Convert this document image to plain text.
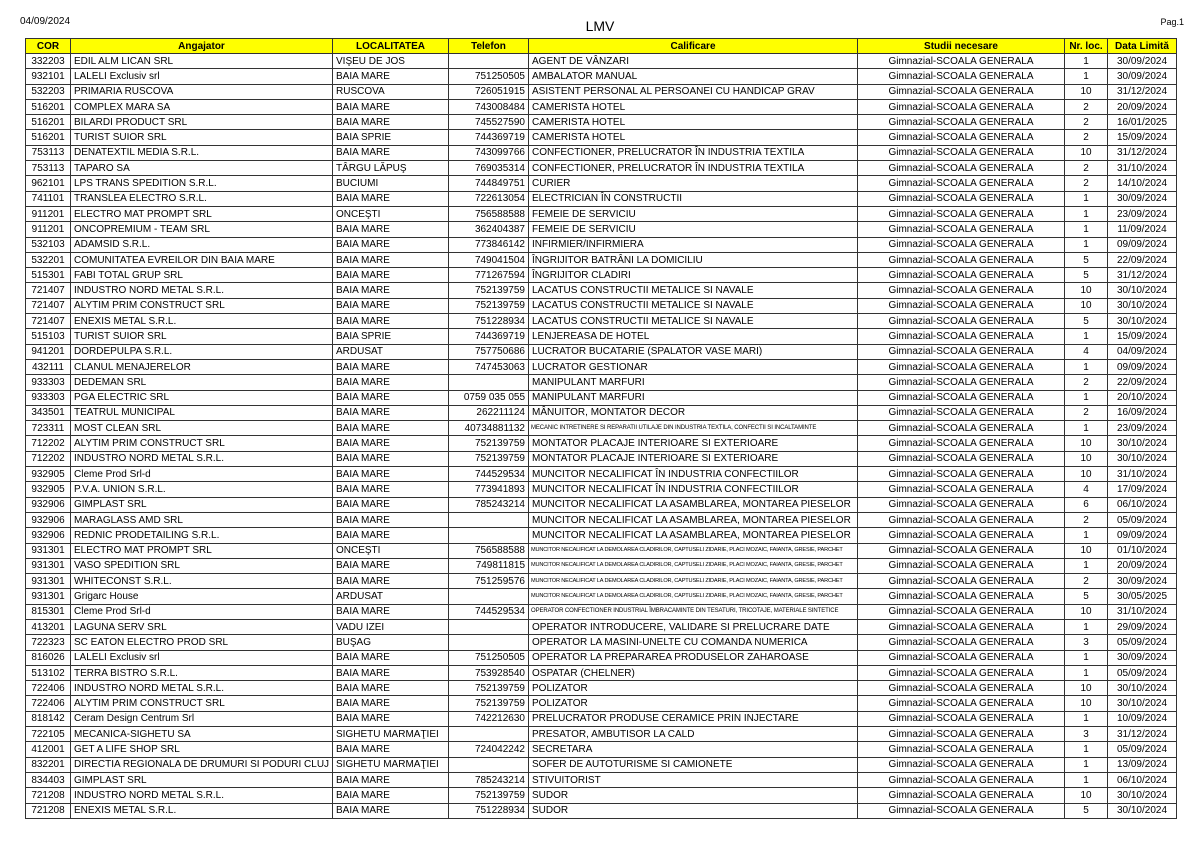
04/09/2024	LMV	Pag.1
COR	Angajator	LOCALITATEA	Telefon	Calificare	Studii necesare	Nr. loc.	Data Limită
332203	EDIL ALM LICAN SRL	VIŞEU DE JOS		AGENT DE VÂNZARI	Gimnazial-SCOALA GENERALA	1	30/09/2024
932101	LALELI Exclusiv srl	BAIA MARE	751250505	AMBALATOR MANUAL	Gimnazial-SCOALA GENERALA	1	30/09/2024
532203	PRIMARIA RUSCOVA	RUSCOVA	726051915	ASISTENT PERSONAL AL PERSOANEI CU HANDICAP GRAV	Gimnazial-SCOALA GENERALA	10	31/12/2024
516201	COMPLEX MARA SA	BAIA MARE	743008484	CAMERISTA HOTEL	Gimnazial-SCOALA GENERALA	2	20/09/2024
516201	BILARDI PRODUCT SRL	BAIA MARE	745527590	CAMERISTA HOTEL	Gimnazial-SCOALA GENERALA	2	16/01/2025
516201	TURIST SUIOR SRL	BAIA SPRIE	744369719	CAMERISTA HOTEL	Gimnazial-SCOALA GENERALA	2	15/09/2024
753113	DENATEXTIL MEDIA S.R.L.	BAIA MARE	743099766	CONFECTIONER, PRELUCRATOR ÎN INDUSTRIA TEXTILA	Gimnazial-SCOALA GENERALA	10	31/12/2024
753113	TAPARO SA	TÂRGU LĂPUŞ	769035314	CONFECTIONER, PRELUCRATOR ÎN INDUSTRIA TEXTILA	Gimnazial-SCOALA GENERALA	2	31/10/2024
962101	LPS TRANS SPEDITION S.R.L.	BUCIUMI	744849751	CURIER	Gimnazial-SCOALA GENERALA	2	14/10/2024
741101	TRANSLEA ELECTRO S.R.L.	BAIA MARE	722613054	ELECTRICIAN ÎN CONSTRUCTII	Gimnazial-SCOALA GENERALA	1	30/09/2024
911201	ELECTRO MAT PROMPT SRL	ONCEŞTI	756588588	FEMEIE DE SERVICIU	Gimnazial-SCOALA GENERALA	1	23/09/2024
911201	ONCOPREMIUM - TEAM SRL	BAIA MARE	362404387	FEMEIE DE SERVICIU	Gimnazial-SCOALA GENERALA	1	11/09/2024
532103	ADAMSID S.R.L.	BAIA MARE	773846142	INFIRMIER/INFIRMIERA	Gimnazial-SCOALA GENERALA	1	09/09/2024
532201	COMUNITATEA EVREILOR DIN BAIA MARE	BAIA MARE	749041504	ÎNGRIJITOR BATRÂNI LA DOMICILIU	Gimnazial-SCOALA GENERALA	5	22/09/2024
515301	FABI TOTAL GRUP SRL	BAIA MARE	771267594	ÎNGRIJITOR CLADIRI	Gimnazial-SCOALA GENERALA	5	31/12/2024
721407	INDUSTRO NORD METAL S.R.L.	BAIA MARE	752139759	LACATUS CONSTRUCTII METALICE SI NAVALE	Gimnazial-SCOALA GENERALA	10	30/10/2024
721407	ALYTIM PRIM CONSTRUCT SRL	BAIA MARE	752139759	LACATUS CONSTRUCTII METALICE SI NAVALE	Gimnazial-SCOALA GENERALA	10	30/10/2024
721407	ENEXIS METAL S.R.L.	BAIA MARE	751228934	LACATUS CONSTRUCTII METALICE SI NAVALE	Gimnazial-SCOALA GENERALA	5	30/10/2024
515103	TURIST SUIOR SRL	BAIA SPRIE	744369719	LENJEREASA DE HOTEL	Gimnazial-SCOALA GENERALA	1	15/09/2024
941201	DORDEPULPA S.R.L.	ARDUSAT	757750686	LUCRATOR BUCATARIE (SPALATOR VASE MARI)	Gimnazial-SCOALA GENERALA	4	04/09/2024
432111	CLANUL MENAJERELOR	BAIA MARE	747453063	LUCRATOR GESTIONAR	Gimnazial-SCOALA GENERALA	1	09/09/2024
933303	DEDEMAN SRL	BAIA MARE		MANIPULANT MARFURI	Gimnazial-SCOALA GENERALA	2	22/09/2024
933303	PGA ELECTRIC SRL	BAIA MARE	0759 035 055	MANIPULANT MARFURI	Gimnazial-SCOALA GENERALA	1	20/10/2024
343501	TEATRUL MUNICIPAL	BAIA MARE	262211124	MÂNUITOR, MONTATOR DECOR	Gimnazial-SCOALA GENERALA	2	16/09/2024
723311	MOST CLEAN SRL	BAIA MARE	40734881132	MECANIC INTRETINERE SI REPARATII UTILAJE DIN INDUSTRIA TEXTILA, CONFECTII SI INCALTAMINTE	Gimnazial-SCOALA GENERALA	1	23/09/2024
712202	ALYTIM PRIM CONSTRUCT SRL	BAIA MARE	752139759	MONTATOR PLACAJE INTERIOARE SI EXTERIOARE	Gimnazial-SCOALA GENERALA	10	30/10/2024
712202	INDUSTRO NORD METAL S.R.L.	BAIA MARE	752139759	MONTATOR PLACAJE INTERIOARE SI EXTERIOARE	Gimnazial-SCOALA GENERALA	10	30/10/2024
932905	Cleme Prod Srl-d	BAIA MARE	744529534	MUNCITOR NECALIFICAT ÎN INDUSTRIA CONFECTIILOR	Gimnazial-SCOALA GENERALA	10	31/10/2024
932905	P.V.A. UNION S.R.L.	BAIA MARE	773941893	MUNCITOR NECALIFICAT ÎN INDUSTRIA CONFECTIILOR	Gimnazial-SCOALA GENERALA	4	17/09/2024
932906	GIMPLAST SRL	BAIA MARE	785243214	MUNCITOR NECALIFICAT LA ASAMBLAREA, MONTAREA PIESELOR	Gimnazial-SCOALA GENERALA	6	06/10/2024
932906	MARAGLASS AMD SRL	BAIA MARE		MUNCITOR NECALIFICAT LA ASAMBLAREA, MONTAREA PIESELOR	Gimnazial-SCOALA GENERALA	2	05/09/2024
932906	REDNIC PRODETAILING S.R.L.	BAIA MARE		MUNCITOR NECALIFICAT LA ASAMBLAREA, MONTAREA PIESELOR	Gimnazial-SCOALA GENERALA	1	09/09/2024
931301	ELECTRO MAT PROMPT SRL	ONCEŞTI	756588588	MUNCITOR NECALIFICAT LA DEMOLAREA CLADIRILOR, CAPTUSELI ZIDARIE, PLACI MOZAIC, FAIANTA, GRESIE, PARCHET	Gimnazial-SCOALA GENERALA	10	01/10/2024
931301	VASO SPEDITION SRL	BAIA MARE	749811815	MUNCITOR NECALIFICAT LA DEMOLAREA CLADIRILOR, CAPTUSELI ZIDARIE, PLACI MOZAIC, FAIANTA, GRESIE, PARCHET	Gimnazial-SCOALA GENERALA	1	20/09/2024
931301	WHITECONST S.R.L.	BAIA MARE	751259576	MUNCITOR NECALIFICAT LA DEMOLAREA CLADIRILOR, CAPTUSELI ZIDARIE, PLACI MOZAIC, FAIANTA, GRESIE, PARCHET	Gimnazial-SCOALA GENERALA	2	30/09/2024
931301	Grigarc House	ARDUSAT		MUNCITOR NECALIFICAT LA DEMOLAREA CLADIRILOR, CAPTUSELI ZIDARIE, PLACI MOZAIC, FAIANTA, GRESIE, PARCHET	Gimnazial-SCOALA GENERALA	5	30/05/2025
815301	Cleme Prod Srl-d	BAIA MARE	744529534	OPERATOR CONFECTIONER INDUSTRIAL ÎMBRACAMINTE DIN TESATURI, TRICOTAJE, MATERIALE SINTETICE	Gimnazial-SCOALA GENERALA	10	31/10/2024
413201	LAGUNA SERV SRL	VADU IZEI		OPERATOR INTRODUCERE, VALIDARE SI PRELUCRARE DATE	Gimnazial-SCOALA GENERALA	1	29/09/2024
722323	SC EATON ELECTRO PROD SRL	BUŞAG		OPERATOR LA MASINI-UNELTE CU COMANDA NUMERICA	Gimnazial-SCOALA GENERALA	3	05/09/2024
816026	LALELI Exclusiv srl	BAIA MARE	751250505	OPERATOR LA PREPARAREA PRODUSELOR ZAHAROASE	Gimnazial-SCOALA GENERALA	1	30/09/2024
513102	TERRA BISTRO S.R.L.	BAIA MARE	753928540	OSPATAR (CHELNER)	Gimnazial-SCOALA GENERALA	1	05/09/2024
722406	INDUSTRO NORD METAL S.R.L.	BAIA MARE	752139759	POLIZATOR	Gimnazial-SCOALA GENERALA	10	30/10/2024
722406	ALYTIM PRIM CONSTRUCT SRL	BAIA MARE	752139759	POLIZATOR	Gimnazial-SCOALA GENERALA	10	30/10/2024
818142	Ceram Design Centrum Srl	BAIA MARE	742212630	PRELUCRATOR PRODUSE CERAMICE PRIN INJECTARE	Gimnazial-SCOALA GENERALA	1	10/09/2024
722105	MECANICA-SIGHETU SA	SIGHETU MARMAŢIEI		PRESATOR, AMBUTISOR LA CALD	Gimnazial-SCOALA GENERALA	3	31/12/2024
412001	GET A LIFE SHOP SRL	BAIA MARE	724042242	SECRETARA	Gimnazial-SCOALA GENERALA	1	05/09/2024
832201	DIRECTIA REGIONALA DE DRUMURI SI PODURI CLUJ	SIGHETU MARMAŢIEI		SOFER DE AUTOTURISME SI CAMIONETE	Gimnazial-SCOALA GENERALA	1	13/09/2024
834403	GIMPLAST SRL	BAIA MARE	785243214	STIVUITORIST	Gimnazial-SCOALA GENERALA	1	06/10/2024
721208	INDUSTRO NORD METAL S.R.L.	BAIA MARE	752139759	SUDOR	Gimnazial-SCOALA GENERALA	10	30/10/2024
721208	ENEXIS METAL S.R.L.	BAIA MARE	751228934	SUDOR	Gimnazial-SCOALA GENERALA	5	30/10/2024
